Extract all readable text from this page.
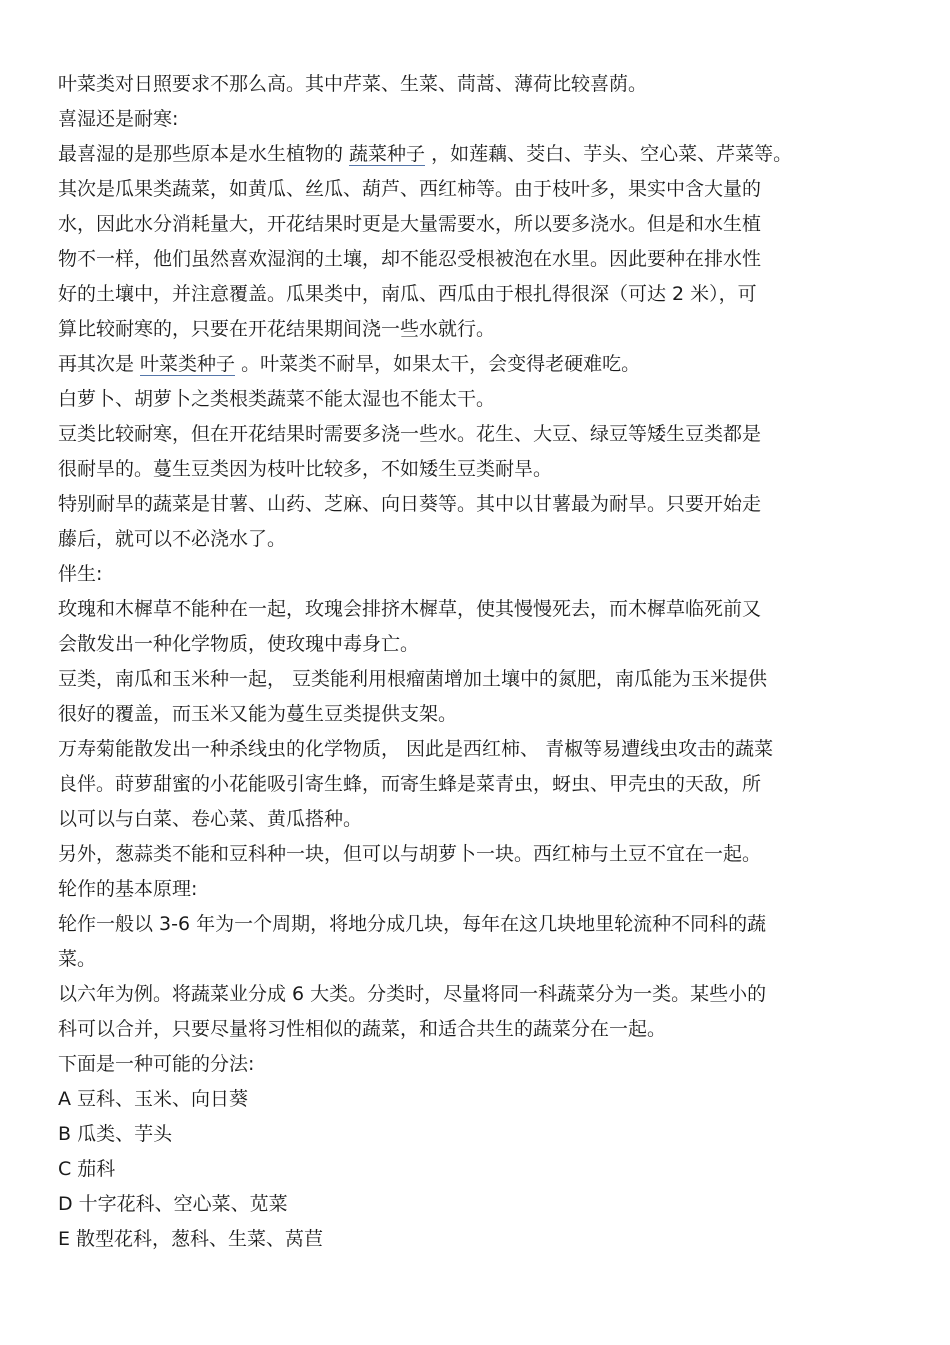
叶菜类对日照要求不那么高。其中芹菜、生菜、茼蒿、薄荷比较喜荫。
喜湿还是耐寒:
最喜湿的是那些原本是水生植物的 蔬菜种子 ，如莲藕、茭白、芋头、空心菜、芹菜等。
其次是瓜果类蔬菜，如黄瓜、丝瓜、葫芦、西红柿等。由于枝叶多，果实中含大量的
水，因此水分消耗量大，开花结果时更是大量需要水，所以要多浇水。但是和水生植
物不一样，他们虽然喜欢湿润的土壤，却不能忍受根被泡在水里。因此要种在排水性
好的土壤中，并注意覆盖。瓜果类中，南瓜、西瓜由于根扎得很深（可达 2 米），可
算比较耐寒的，只要在开花结果期间浇一些水就行。
再其次是 叶菜类种子 。叶菜类不耐旱，如果太干，会变得老硬难吃。
白萝卜、胡萝卜之类根类蔬菜不能太湿也不能太干。
豆类比较耐寒，但在开花结果时需要多浇一些水。花生、大豆、绿豆等矮生豆类都是
很耐旱的。蔓生豆类因为枝叶比较多，不如矮生豆类耐旱。
特别耐旱的蔬菜是甘薯、山药、芝麻、向日葵等。其中以甘薯最为耐旱。只要开始走
藤后，就可以不必浇水了。
伴生:
玫瑰和木樨草不能种在一起，玫瑰会排挤木樨草，使其慢慢死去，而木樨草临死前又
会散发出一种化学物质，使玫瑰中毒身亡。
豆类，南瓜和玉米种一起， 豆类能利用根瘤菌增加土壤中的氮肥，南瓜能为玉米提供
很好的覆盖，而玉米又能为蔓生豆类提供支架。
万寿菊能散发出一种杀线虫的化学物质， 因此是西红柿、 青椒等易遭线虫攻击的蔬菜
良伴。莳萝甜蜜的小花能吸引寄生蜂，而寄生蜂是菜青虫，蚜虫、甲壳虫的天敌，所
以可以与白菜、卷心菜、黄瓜搭种。
另外，葱蒜类不能和豆科种一块，但可以与胡萝卜一块。西红柿与土豆不宜在一起。
轮作的基本原理:
轮作一般以 3-6 年为一个周期，将地分成几块，每年在这几块地里轮流种不同科的蔬
菜。
以六年为例。将蔬菜业分成 6 大类。分类时，尽量将同一科蔬菜分为一类。某些小的
科可以合并，只要尽量将习性相似的蔬菜，和适合共生的蔬菜分在一起。
下面是一种可能的分法:
A 豆科、玉米、向日葵
B 瓜类、芋头
C 茄科
D 十字花科、空心菜、苋菜
E 散型花科，葱科、生菜、莴苣
